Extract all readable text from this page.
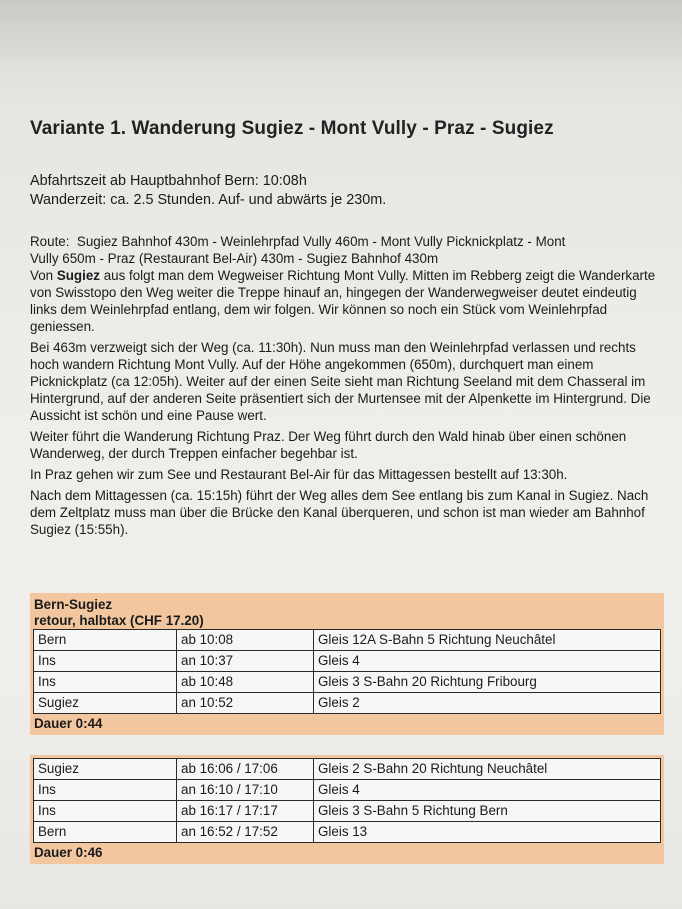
Variante 1. Wanderung Sugiez - Mont Vully - Praz - Sugiez
Abfahrtszeit ab Hauptbahnhof Bern: 10:08h
Wanderzeit: ca. 2.5 Stunden. Auf- und abwärts je 230m.
Route:  Sugiez Bahnhof 430m - Weinlehrpfad Vully 460m - Mont Vully Picknickplatz - Mont
Vully 650m - Praz (Restaurant Bel-Air) 430m - Sugiez Bahnhof 430m
Von Sugiez aus folgt man dem Wegweiser Richtung Mont Vully. Mitten im Rebberg zeigt die Wanderkarte von Swisstopo den Weg weiter die Treppe hinauf an, hingegen der Wanderwegweiser deutet eindeutig links dem Weinlehrpfad entlang, dem wir folgen. Wir können so noch ein Stück vom Weinlehrpfad geniessen.
Bei 463m verzweigt sich der Weg (ca. 11:30h). Nun muss man den Weinlehrpfad verlassen und rechts hoch wandern Richtung Mont Vully. Auf der Höhe angekommen (650m), durchquert man einem Picknickplatz (ca 12:05h). Weiter auf der einen Seite sieht man Richtung Seeland mit dem Chasseral im Hintergrund, auf der anderen Seite präsentiert sich der Murtensee mit der Alpenkette im Hintergrund. Die Aussicht ist schön und eine Pause wert.
Weiter führt die Wanderung Richtung Praz. Der Weg führt durch den Wald hinab über einen schönen Wanderweg, der durch Treppen einfacher begehbar ist.
In Praz gehen wir zum See und Restaurant Bel-Air für das Mittagessen bestellt auf 13:30h.
Nach dem Mittagessen (ca. 15:15h) führt der Weg alles dem See entlang bis zum Kanal in Sugiez. Nach dem Zeltplatz muss man über die Brücke den Kanal überqueren, und schon ist man wieder am Bahnhof Sugiez (15:55h).
Bern-Sugiez
retour, halbtax (CHF 17.20)
Bern	ab 10:08	Gleis 12A S-Bahn 5 Richtung Neuchâtel
Ins	an 10:37	Gleis 4
Ins	ab 10:48	Gleis 3 S-Bahn 20 Richtung Fribourg
Sugiez	an 10:52	Gleis 2
Dauer 0:44
Sugiez	ab 16:06 / 17:06	Gleis 2 S-Bahn 20 Richtung Neuchâtel
Ins	an 16:10 / 17:10	Gleis 4
Ins	ab 16:17 / 17:17	Gleis 3 S-Bahn 5 Richtung Bern
Bern	an 16:52 / 17:52	Gleis 13
Dauer 0:46
